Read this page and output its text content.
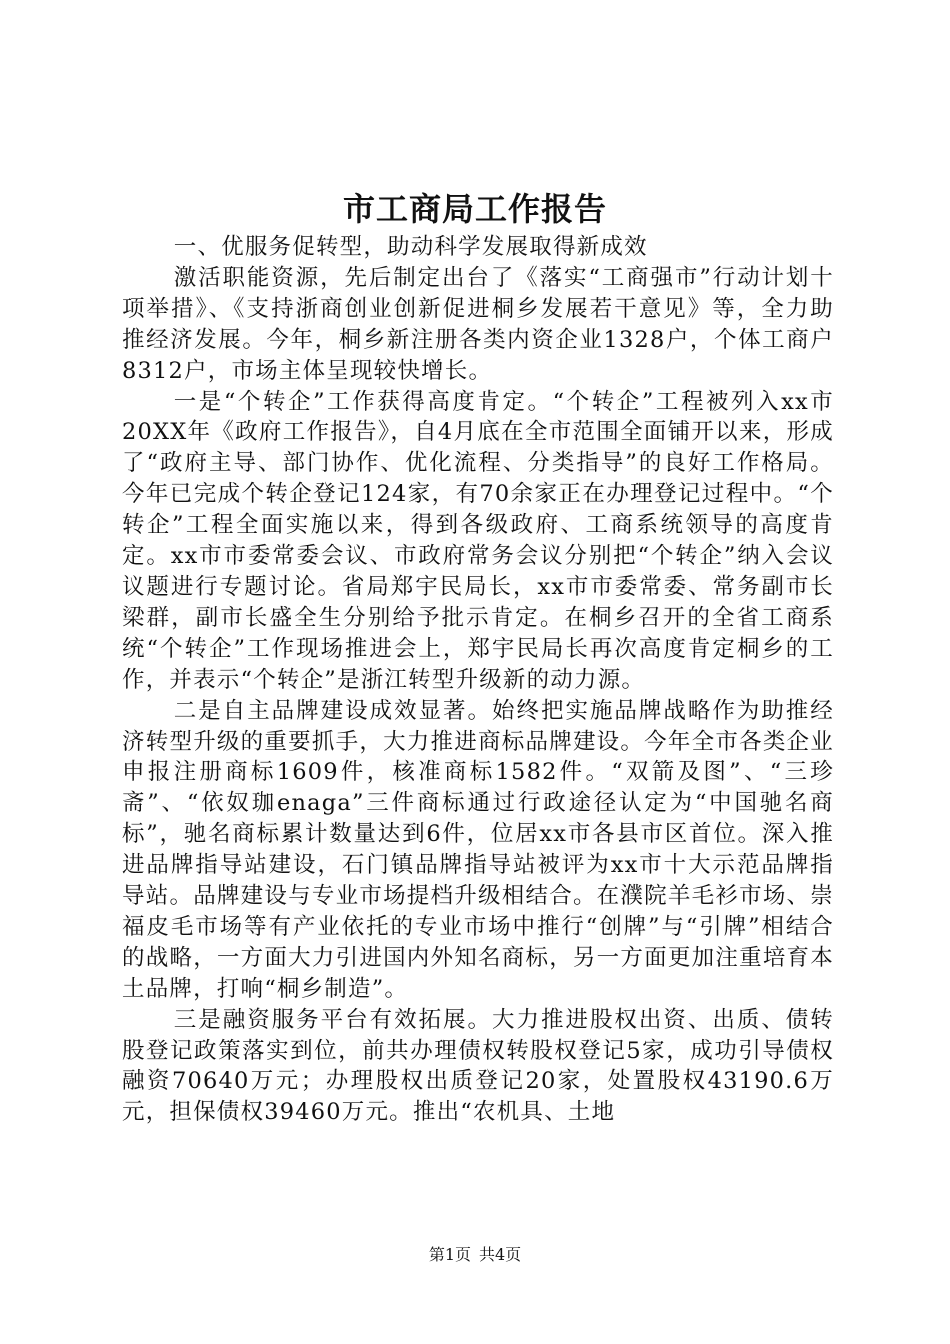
市工商局工作报告

一、优服务促转型，助动科学发展取得新成效

激活职能资源，先后制定出台了《落实“工商强市”行动计划十项举措》、《支持浙商创业创新促进桐乡发展若干意见》等，全力助推经济发展。今年，桐乡新注册各类内资企业1328户，个体工商户8312户，市场主体呈现较快增长。

一是“个转企”工作获得高度肯定。“个转企”工程被列入xx市20XX年《政府工作报告》，自4月底在全市范围全面铺开以来，形成了“政府主导、部门协作、优化流程、分类指导”的良好工作格局。今年已完成个转企登记124家，有70余家正在办理登记过程中。“个转企”工程全面实施以来，得到各级政府、工商系统领导的高度肯定。xx市市委常委会议、市政府常务会议分别把“个转企”纳入会议议题进行专题讨论。省局郑宇民局长，xx市市委常委、常务副市长梁群，副市长盛全生分别给予批示肯定。在桐乡召开的全省工商系统“个转企”工作现场推进会上，郑宇民局长再次高度肯定桐乡的工作，并表示“个转企”是浙江转型升级新的动力源。

二是自主品牌建设成效显著。始终把实施品牌战略作为助推经济转型升级的重要抓手，大力推进商标品牌建设。今年全市各类企业申报注册商标1609件，核准商标1582件。“双箭及图”、“三珍斋”、“依奴珈enaga”三件商标通过行政途径认定为“中国驰名商标”，驰名商标累计数量达到6件，位居xx市各县市区首位。深入推进品牌指导站建设，石门镇品牌指导站被评为xx市十大示范品牌指导站。品牌建设与专业市场提档升级相结合。在濮院羊毛衫市场、崇福皮毛市场等有产业依托的专业市场中推行“创牌”与“引牌”相结合的战略，一方面大力引进国内外知名商标，另一方面更加注重培育本土品牌，打响“桐乡制造”。

三是融资服务平台有效拓展。大力推进股权出资、出质、债转股登记政策落实到位，前共办理债权转股权登记5家，成功引导债权融资70640万元；办理股权出质登记20家，处置股权43190.6万元，担保债权39460万元。推出“农机具、土地

第1页 共4页
